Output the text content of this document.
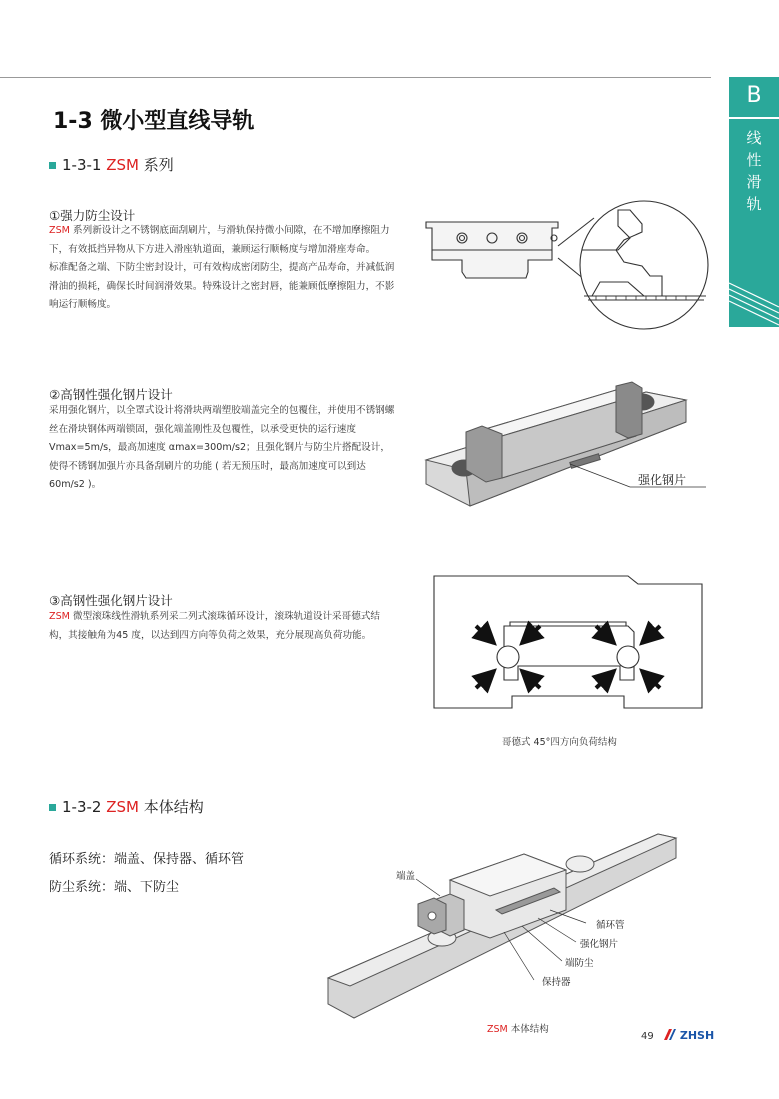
B
线性滑轨
1-3 微小型直线导轨
1-3-1 ZSM 系列
①强力防尘设计

ZSM 系列新设计之不锈钢底面刮刷片，与滑轨保持微小间隙，在不增加摩擦阻力下，有效抵挡异物从下方进入滑座轨道面，兼顾运行顺畅度与增加滑座寿命。

标准配备之端、下防尘密封设计，可有效构成密闭防尘，提高产品寿命，并减低润滑油的损耗，确保长时间润滑效果。特殊设计之密封唇，能兼顾低摩擦阻力，不影响运行顺畅度。

②高钢性强化钢片设计
采用强化钢片，以全罩式设计将滑块两端塑胶端盖完全的包覆住，并使用不锈钢螺丝在滑块钢体两端锁固，强化端盖刚性及包覆性，以承受更快的运行速度 Vmax=5m/s，最高加速度 αmax=300m/s2；且强化钢片与防尘片搭配设计，使得不锈钢加强片亦具备刮刷片的功能 ( 若无预压时，最高加速度可以到达 60m/s2 )。	强化钢片
③高钢性强化钢片设计
ZSM 微型滚珠线性滑轨系列采二列式滚珠循环设计，滚珠轨道设计采哥德式结构，其接触角为45 度，以达到四方向等负荷之效果，充分展现高负荷功能。
哥德式 45°四方向负荷结构
1-3-2 ZSM 本体结构
循环系统：端盖、保持器、循环管
防尘系统：端、下防尘
端盖
循环管
强化钢片
端防尘
保持器
ZSM 本体结构
49	ZHSH
